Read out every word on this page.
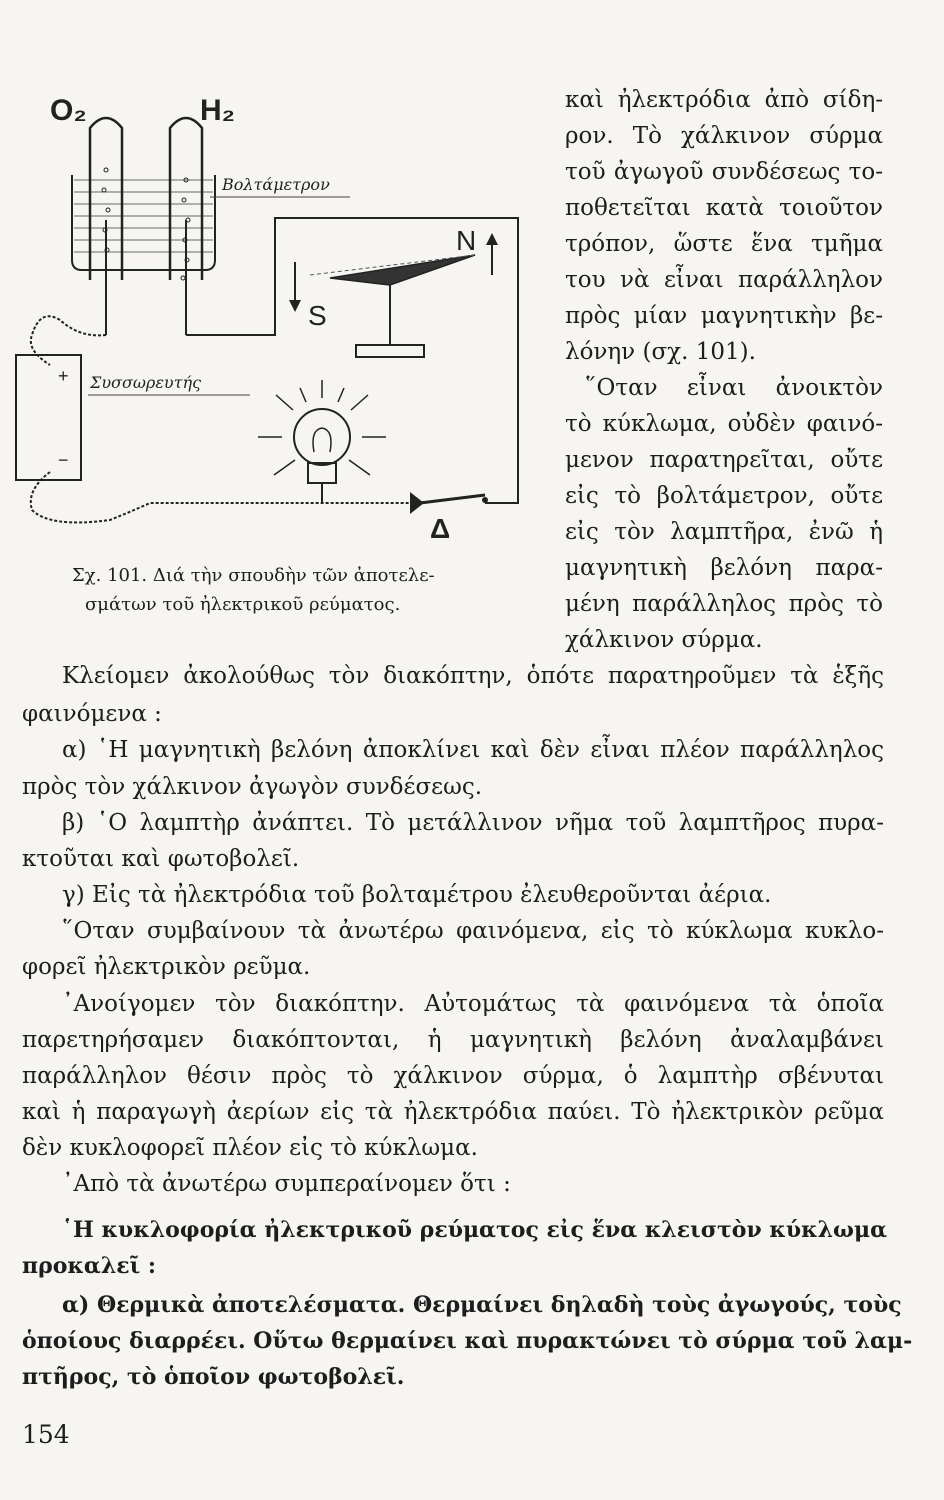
O₂	H₂
Βολτάμετρον
Συσσωρευτής
+
−
N
S
Δ
Σχ. 101. Διά τὴν σπουδὴν τῶν ἀποτελε-
σμάτων τοῦ ἠλεκτρικοῦ ρεύματος.
καὶ ἠλεκτρόδια ἀπὸ σίδη-
ρον. Τὸ χάλκινον σύρμα
τοῦ ἀγωγοῦ συνδέσεως το-
ποθετεῖται κατὰ τοιοῦτον
τρόπον, ὥστε ἕνα τμῆμα
του νὰ εἶναι παράλληλον
πρὸς μίαν μαγνητικὴν βε-
λόνην (σχ. 101).
῞Οταν εἶναι ἀνοικτὸν
τὸ κύκλωμα, οὐδὲν φαινό-
μενον παρατηρεῖται, οὔτε
εἰς τὸ βολτάμετρον, οὔτε
εἰς τὸν λαμπτῆρα, ἐνῶ ἡ
μαγνητικὴ βελόνη παρα-
μένη παράλληλος πρὸς τὸ
χάλκινον σύρμα.
Κλείομεν ἀκολούθως τὸν διακόπτην, ὁπότε παρατηροῦμεν τὰ ἑξῆς
φαινόμενα :
α) ῾Η μαγνητικὴ βελόνη ἀποκλίνει καὶ δὲν εἶναι πλέον παράλληλος
πρὸς τὸν χάλκινον ἀγωγὸν συνδέσεως.
β) ῾Ο λαμπτὴρ ἀνάπτει. Τὸ μετάλλινον νῆμα τοῦ λαμπτῆρος πυρα-
κτοῦται καὶ φωτοβολεῖ.
γ) Εἰς τὰ ἠλεκτρόδια τοῦ βολταμέτρου ἐλευθεροῦνται ἀέρια.
῞Οταν συμβαίνουν τὰ ἀνωτέρω φαινόμενα, εἰς τὸ κύκλωμα κυκλο-
φορεῖ ἠλεκτρικὸν ρεῦμα.
᾿Ανοίγομεν τὸν διακόπτην. Αὐτομάτως τὰ φαινόμενα τὰ ὁποῖα
παρετηρήσαμεν διακόπτονται, ἡ μαγνητικὴ βελόνη ἀναλαμβάνει
παράλληλον θέσιν πρὸς τὸ χάλκινον σύρμα, ὁ λαμπτὴρ σβένυται
καὶ ἡ παραγωγὴ ἀερίων εἰς τὰ ἠλεκτρόδια παύει. Τὸ ἠλεκτρικὸν ρεῦμα
δὲν κυκλοφορεῖ πλέον εἰς τὸ κύκλωμα.
᾿Απὸ τὰ ἀνωτέρω συμπεραίνομεν ὅτι :
῾Η κυκλοφορία ἠλεκτρικοῦ ρεύματος εἰς ἕνα κλειστὸν κύκλωμα
προκαλεῖ :
α) Θερμικὰ ἀποτελέσματα. Θερμαίνει δηλαδὴ τοὺς ἀγωγούς, τοὺς
ὁποίους διαρρέει. Οὕτω θερμαίνει καὶ πυρακτώνει τὸ σύρμα τοῦ λαμ-
πτῆρος, τὸ ὁποῖον φωτοβολεῖ.
154
